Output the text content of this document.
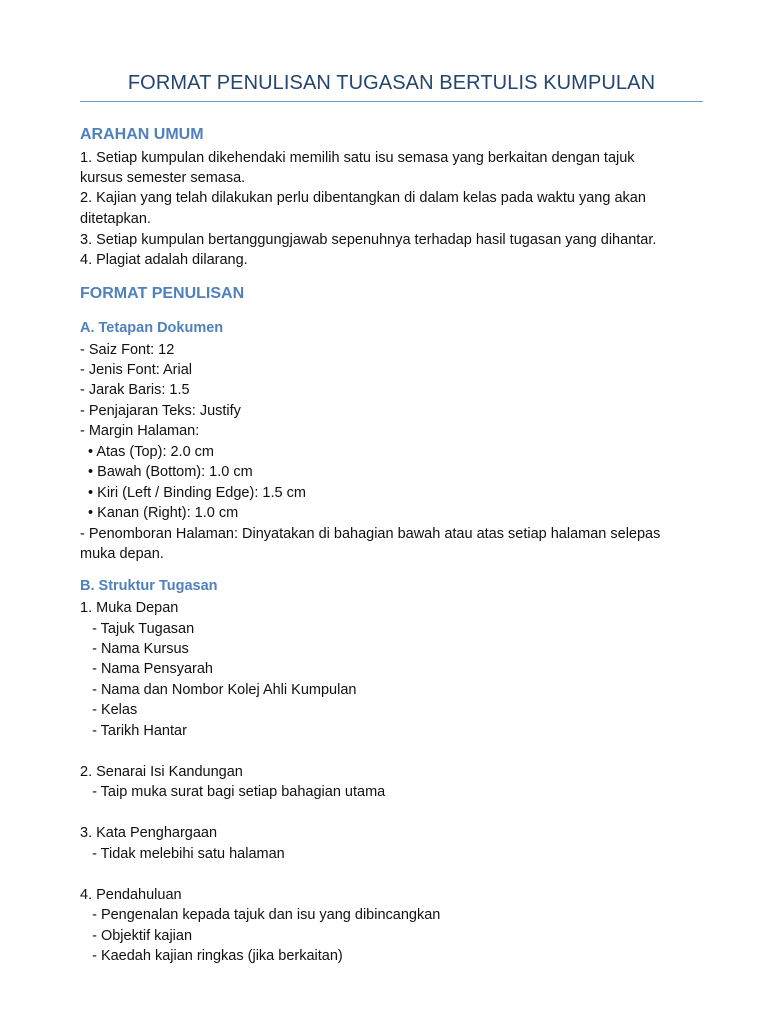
FORMAT PENULISAN TUGASAN BERTULIS KUMPULAN
ARAHAN UMUM
1. Setiap kumpulan dikehendaki memilih satu isu semasa yang berkaitan dengan tajuk
kursus semester semasa.
2. Kajian yang telah dilakukan perlu dibentangkan di dalam kelas pada waktu yang akan
ditetapkan.
3. Setiap kumpulan bertanggungjawab sepenuhnya terhadap hasil tugasan yang dihantar.
4. Plagiat adalah dilarang.
FORMAT PENULISAN
A. Tetapan Dokumen
- Saiz Font: 12
- Jenis Font: Arial
- Jarak Baris: 1.5
- Penjajaran Teks: Justify
- Margin Halaman:
• Atas (Top): 2.0 cm
• Bawah (Bottom): 1.0 cm
• Kiri (Left / Binding Edge): 1.5 cm
• Kanan (Right): 1.0 cm
- Penomboran Halaman: Dinyatakan di bahagian bawah atau atas setiap halaman selepas
muka depan.
B. Struktur Tugasan
1. Muka Depan
- Tajuk Tugasan
- Nama Kursus
- Nama Pensyarah
- Nama dan Nombor Kolej Ahli Kumpulan
- Kelas
- Tarikh Hantar
2. Senarai Isi Kandungan
- Taip muka surat bagi setiap bahagian utama
3. Kata Penghargaan
- Tidak melebihi satu halaman
4. Pendahuluan
- Pengenalan kepada tajuk dan isu yang dibincangkan
- Objektif kajian
- Kaedah kajian ringkas (jika berkaitan)
